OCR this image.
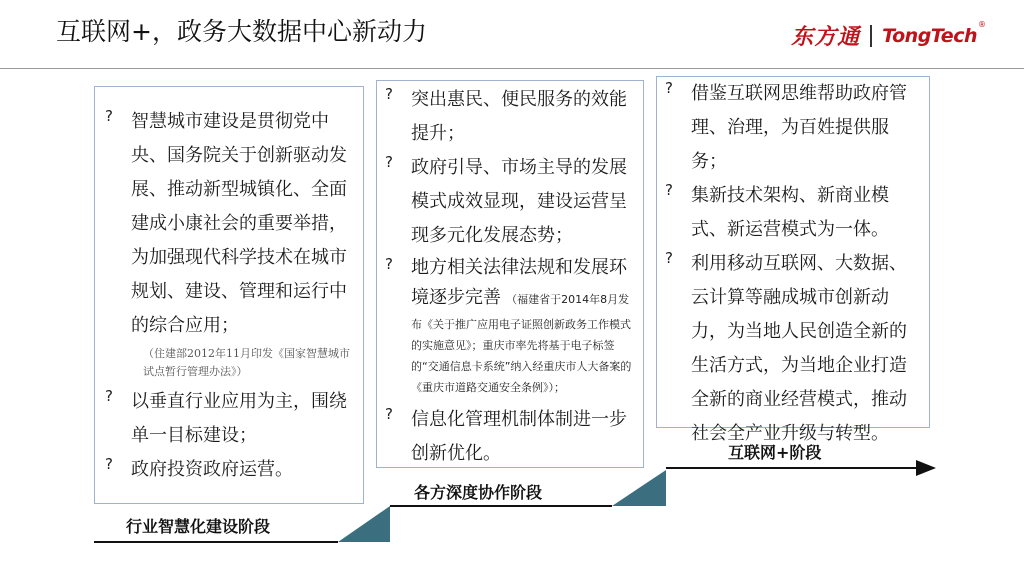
互联网+，政务大数据中心新动力	东方通 TongTech ®
?	智慧城市建设是贯彻党中央、国务院关于创新驱动发展、推动新型城镇化、全面建成小康社会的重要举措，为加强现代科学技术在城市规划、建设、管理和运行中的综合应用；
（住建部2012年11月印发《国家智慧城市试点暂行管理办法》）
?	以垂直行业应用为主，围绕单一目标建设；
?	政府投资政府运营。
?	突出惠民、便民服务的效能提升；
?	政府引导、市场主导的发展模式成效显现，建设运营呈现多元化发展态势；
?	地方相关法律法规和发展环境逐步完善 （福建省于2014年8月发布《关于推广应用电子证照创新政务工作模式的实施意见》；重庆市率先将基于电子标签的“交通信息卡系统”纳入经重庆市人大备案的《重庆市道路交通安全条例》）；
?	信息化管理机制体制进一步创新优化。
?	借鉴互联网思维帮助政府管理、治理，为百姓提供服务；
?	集新技术架构、新商业模式、新运营模式为一体。
?	利用移动互联网、大数据、云计算等融成城市创新动力，为当地人民创造全新的生活方式，为当地企业打造全新的商业经营模式，推动社会全产业升级与转型。
行业智慧化建设阶段
各方深度协作阶段
互联网+阶段
